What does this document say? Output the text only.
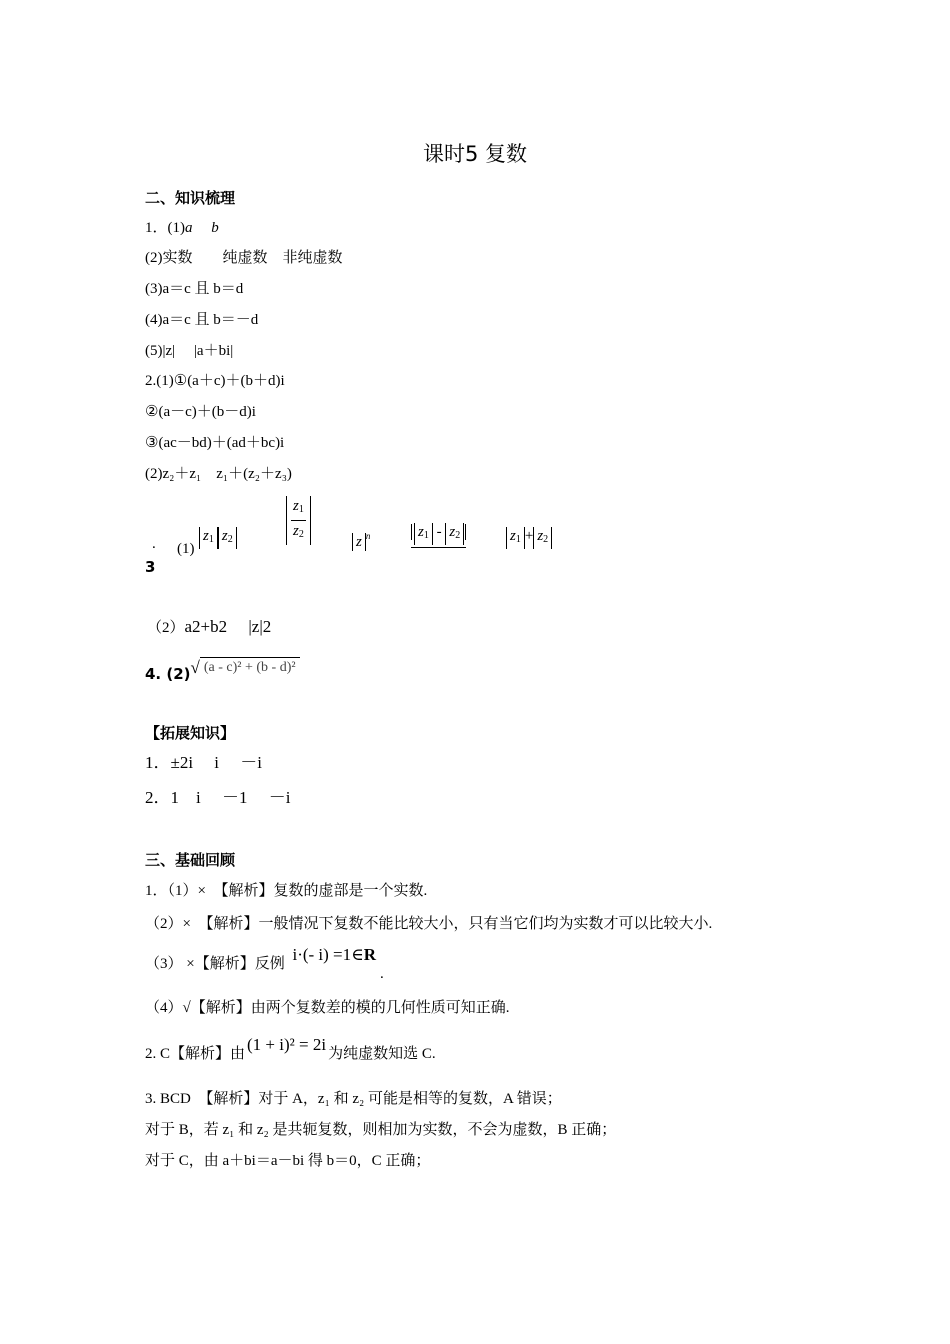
课时5 复数
二、知识梳理
1．(1)a b
(2)实数　　纯虚数　非纯虚数
(3)a＝c 且 b＝d
(4)a＝c 且 b＝－d
(5)|z|　 |a＋bi|
2.(1)①(a＋c)＋(b＋d)i
②(a－c)＋(b－d)i
③(ac－bd)＋(ad＋bc)i
(2)z₂＋z₁　z₁＋(z₂＋z₃)
. (1)
$z_1$ $z_2$	$\frac{z_1}{z_2}$	z $^n$	$z_1 - z_2$	$z_1 + z_2$
3
（2）a2+b2　 |z|2
4. (2)√ (a - c)² + (b - d)²
【拓展知识】
1．±2i　 i　 －i
2．1　i　 －1　 －i
三、基础回顾
1．（1）×　【解析】复数的虚部是一个实数.
（2）×　【解析】一般情况下复数不能比较大小，只有当它们均为实数才可以比较大小.
（3） ×【解析】反例 i·(- i) =1∈R.
（4）√【解析】由两个复数差的模的几何性质可知正确.
2. C【解析】由 (1 + i)² = 2i 为纯虚数知选 C.
3. BCD　【解析】对于 A，z₁ 和 z₂ 可能是相等的复数，A 错误；
对于 B，若 z₁ 和 z₂ 是共轭复数，则相加为实数，不会为虚数，B 正确；
对于 C，由 a＋bi＝a－bi 得 b＝0，C 正确；
